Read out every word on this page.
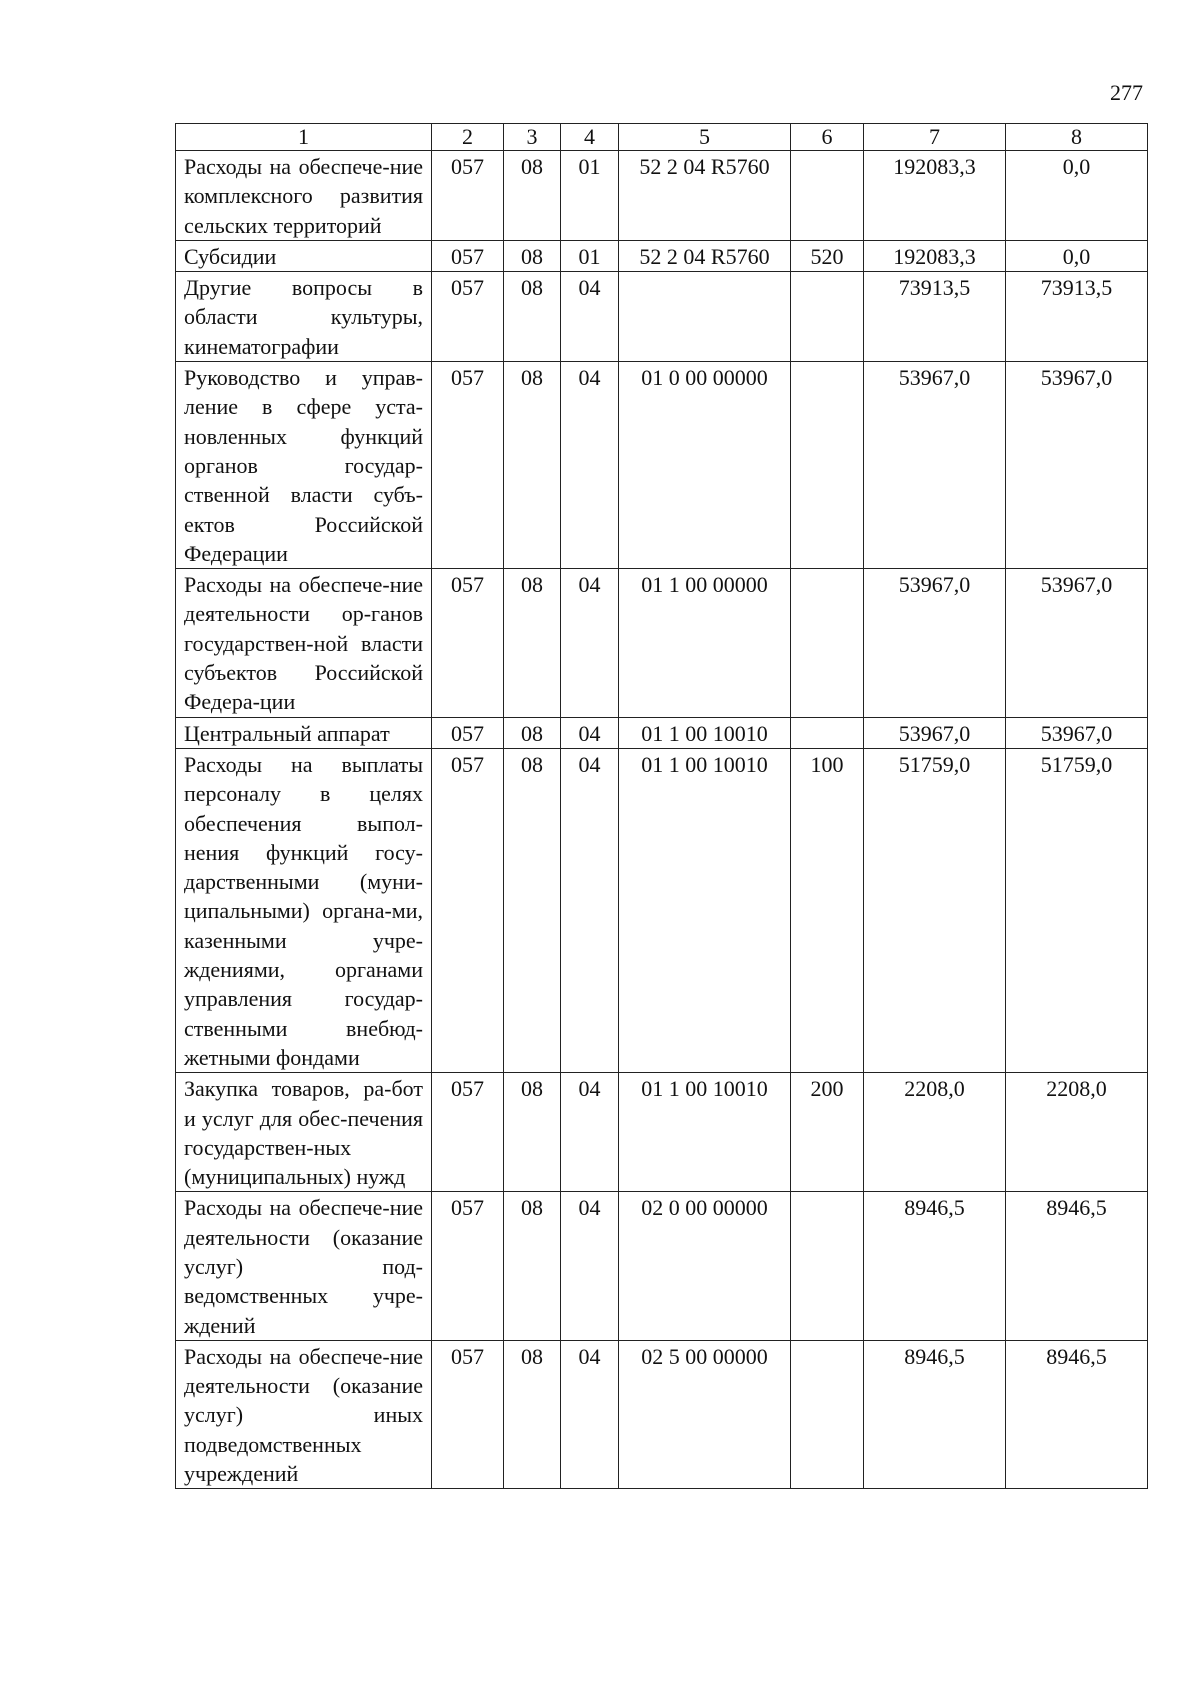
277
1	2	3	4	5	6	7	8
Расходы на обеспече-ние комплексного развития сельских территорий	057	08	01	52 2 04 R5760		192083,3	0,0
Субсидии	057	08	01	52 2 04 R5760	520	192083,3	0,0
Другие вопросы в области культуры, кинематографии	057	08	04			73913,5	73913,5
Руководство и управ-ление в сфере уста-новленных функций органов государ-ственной власти субъ-ектов Российской Федерации	057	08	04	01 0 00 00000		53967,0	53967,0
Расходы на обеспече-ние деятельности ор-ганов государствен-ной власти субъектов Российской Федера-ции	057	08	04	01 1 00 00000		53967,0	53967,0
Центральный аппарат	057	08	04	01 1 00 10010		53967,0	53967,0
Расходы на выплаты персоналу в целях обеспечения выпол-нения функций госу-дарственными (муни-ципальными) органа-ми, казенными учре-ждениями, органами управления государ-ственными внебюд-жетными фондами	057	08	04	01 1 00 10010	100	51759,0	51759,0
Закупка товаров, ра-бот и услуг для обес-печения государствен-ных (муниципальных) нужд	057	08	04	01 1 00 10010	200	2208,0	2208,0
Расходы на обеспече-ние деятельности (оказание услуг) под-ведомственных учре-ждений	057	08	04	02 0 00 00000		8946,5	8946,5
Расходы на обеспече-ние деятельности (оказание услуг) иных подведомственных учреждений	057	08	04	02 5 00 00000		8946,5	8946,5
